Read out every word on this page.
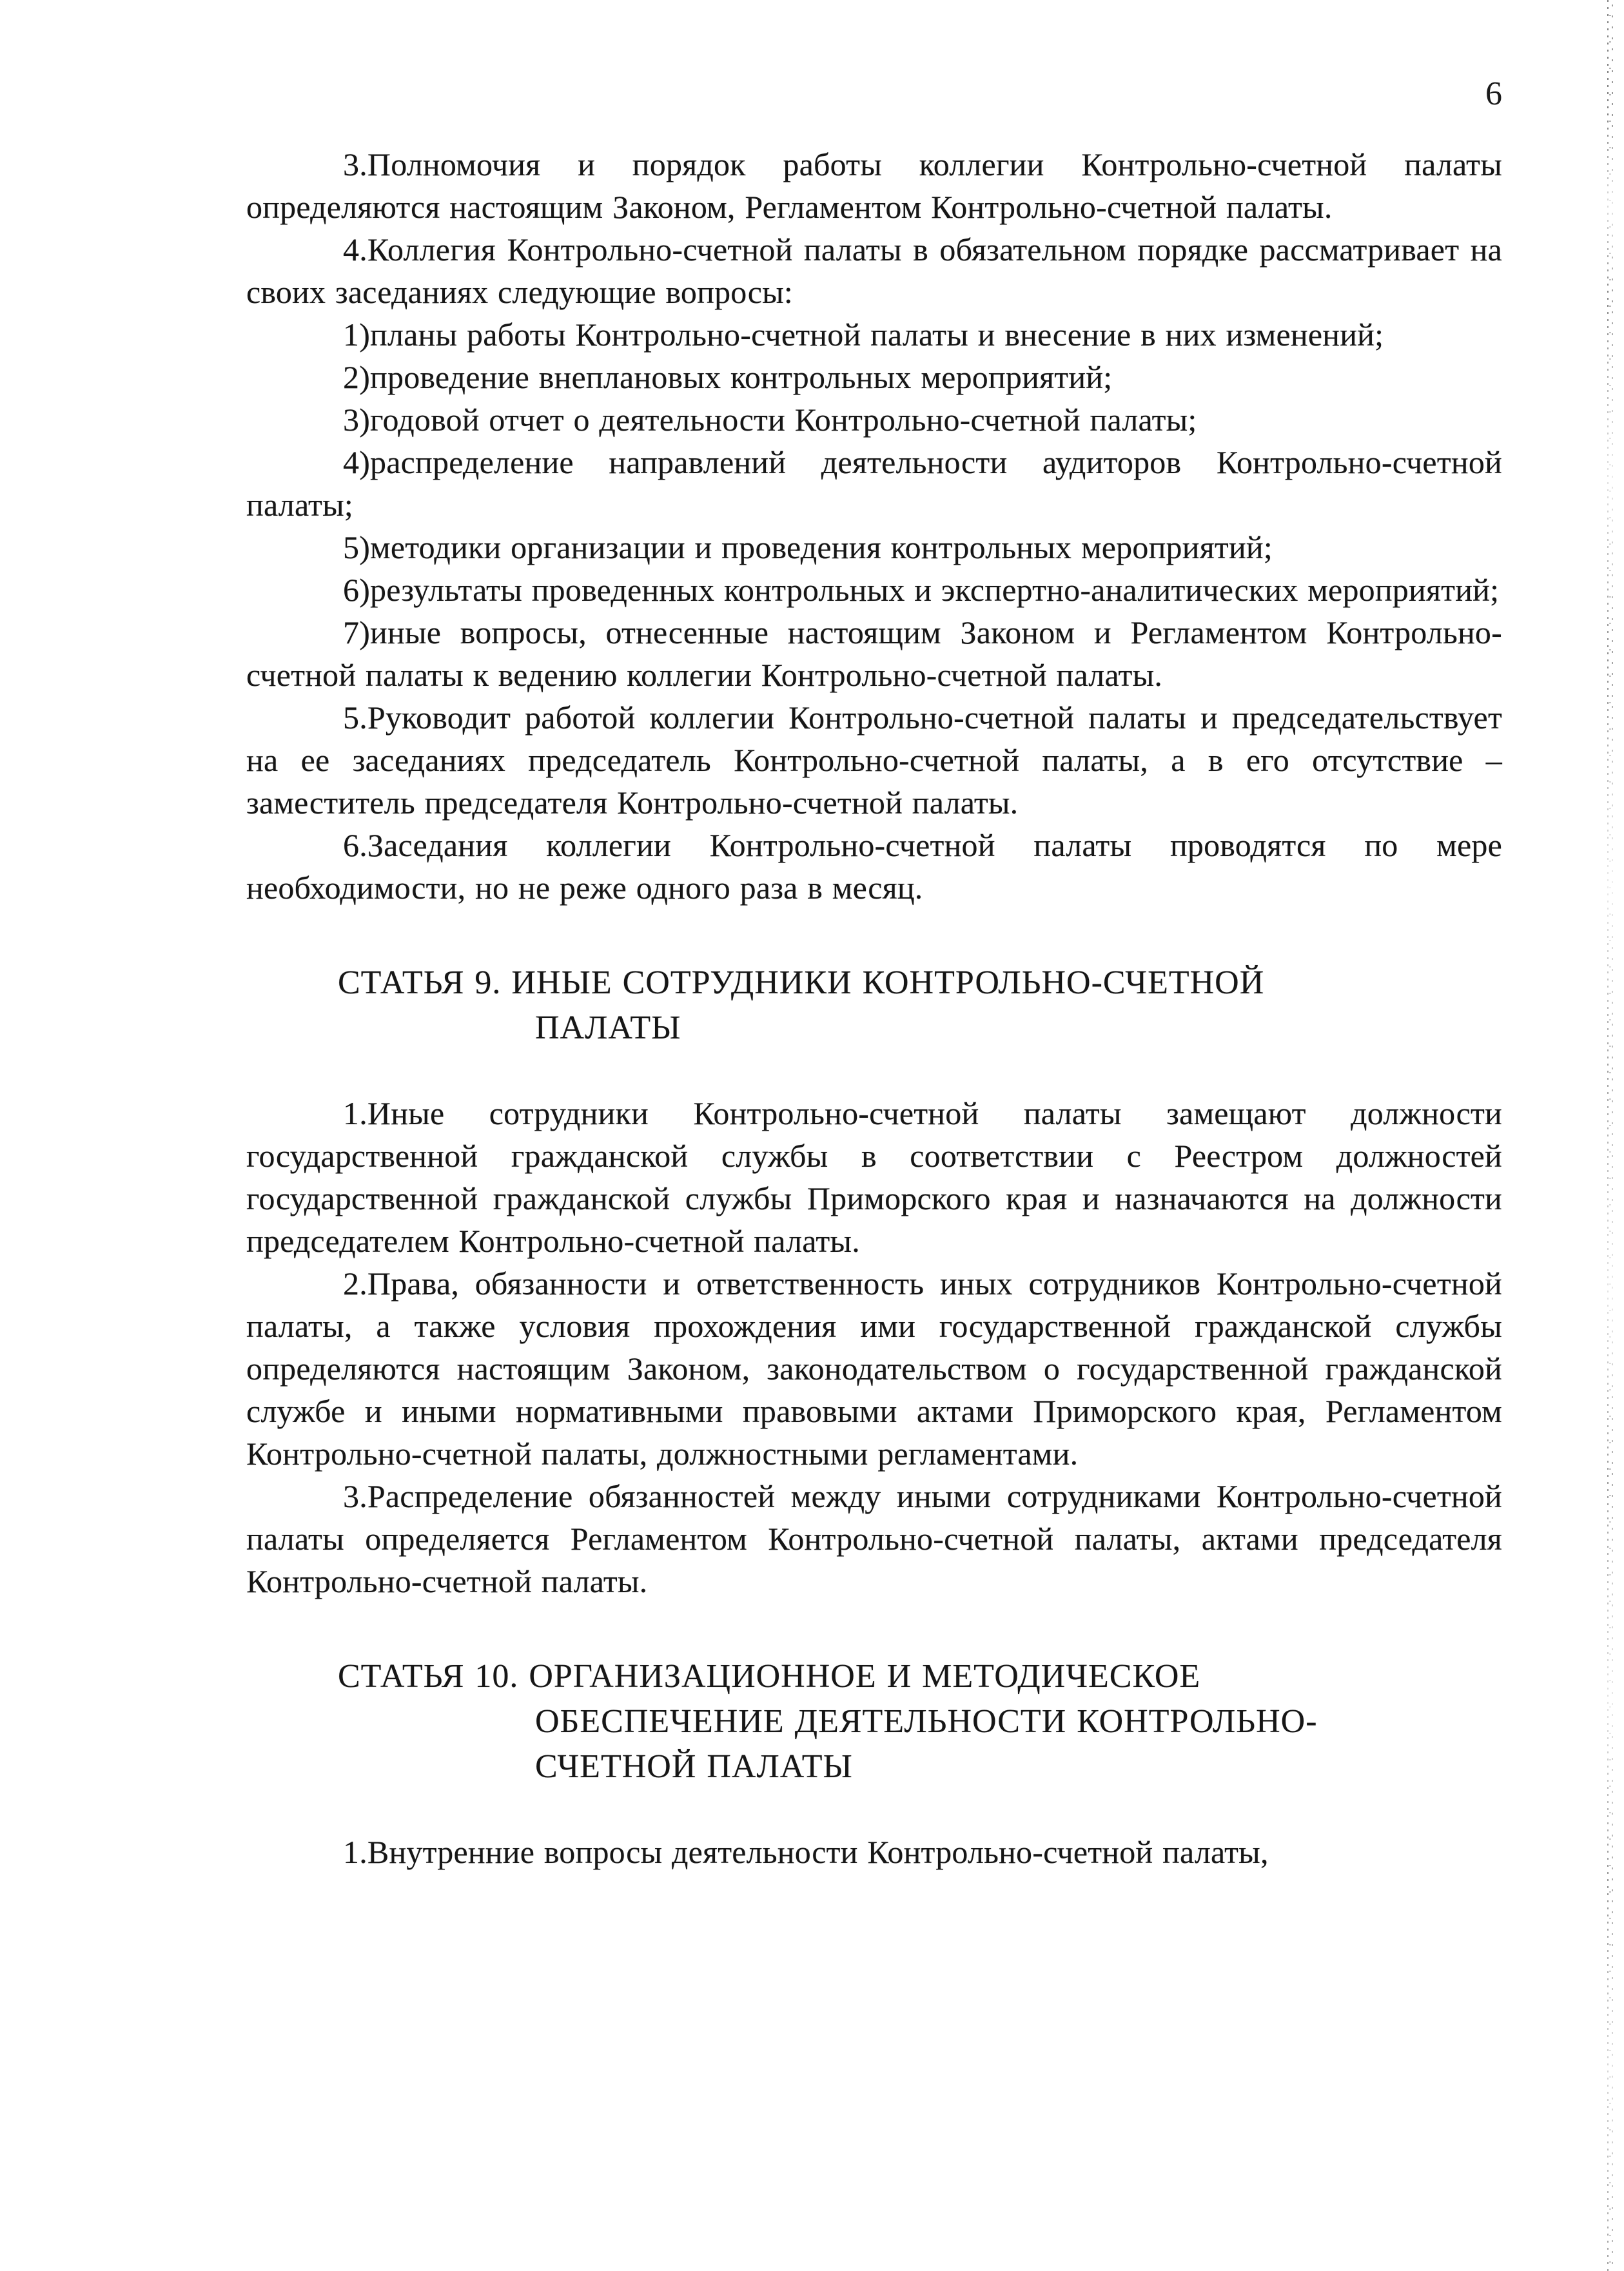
6

3.Полномочия и порядок работы коллегии Контрольно-счетной палаты определяются настоящим Законом, Регламентом Контрольно-счетной палаты.

4.Коллегия Контрольно-счетной палаты в обязательном порядке рассматривает на своих заседаниях следующие вопросы:

1)планы работы Контрольно-счетной палаты и внесение в них изменений;

2)проведение внеплановых контрольных мероприятий;

3)годовой отчет о деятельности Контрольно-счетной палаты;

4)распределение направлений деятельности аудиторов Контрольно-счетной палаты;

5)методики организации и проведения контрольных мероприятий;

6)результаты проведенных контрольных и экспертно-аналитических мероприятий;

7)иные вопросы, отнесенные настоящим Законом и Регламентом Контрольно-счетной палаты к ведению коллегии Контрольно-счетной палаты.

5.Руководит работой коллегии Контрольно-счетной палаты и председательствует на ее заседаниях председатель Контрольно-счетной палаты, а в его отсутствие – заместитель председателя Контрольно-счетной палаты.

6.Заседания коллегии Контрольно-счетной палаты проводятся по мере необходимости, но не реже одного раза в месяц.

СТАТЬЯ 9. ИНЫЕ СОТРУДНИКИ КОНТРОЛЬНО-СЧЕТНОЙ
ПАЛАТЫ

1.Иные сотрудники Контрольно-счетной палаты замещают должности государственной гражданской службы в соответствии с Реестром должностей государственной гражданской службы Приморского края и назначаются на должности председателем Контрольно-счетной палаты.

2.Права, обязанности и ответственность иных сотрудников Контрольно-счетной палаты, а также условия прохождения ими государственной гражданской службы определяются настоящим Законом, законодательством о государственной гражданской службе и иными нормативными правовыми актами Приморского края, Регламентом Контрольно-счетной палаты, должностными регламентами.

3.Распределение обязанностей между иными сотрудниками Контрольно-счетной палаты определяется Регламентом Контрольно-счетной палаты, актами председателя Контрольно-счетной палаты.

СТАТЬЯ 10. ОРГАНИЗАЦИОННОЕ И МЕТОДИЧЕСКОЕ
ОБЕСПЕЧЕНИЕ ДЕЯТЕЛЬНОСТИ КОНТРОЛЬНО-
СЧЕТНОЙ ПАЛАТЫ

1.Внутренние вопросы деятельности Контрольно-счетной палаты,
